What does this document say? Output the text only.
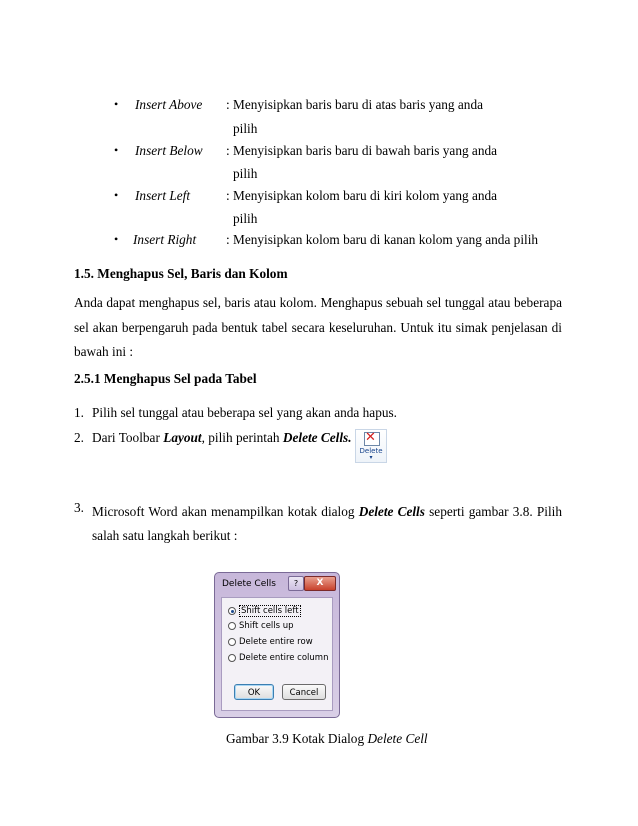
• Insert Above : Menyisipkan baris baru di atas baris yang anda
pilih
• Insert Below : Menyisipkan baris baru di bawah baris yang anda
pilih
• Insert Left	: Menyisipkan kolom baru di kiri kolom yang anda
pilih
• Insert Right : Menyisipkan kolom baru di kanan kolom yang anda pilih
1.5. Menghapus Sel, Baris dan Kolom
Anda dapat menghapus sel, baris atau kolom. Menghapus sebuah sel tunggal atau beberapa sel akan berpengaruh pada bentuk tabel secara keseluruhan. Untuk itu simak penjelasan di bawah ini :
2.5.1 Menghapus Sel pada Tabel
1. Pilih sel tunggal atau beberapa sel yang akan anda hapus.
2. Dari Toolbar Layout, pilih perintah Delete Cells. ✕
Delete
▾
3. Microsoft Word akan menampilkan kotak dialog Delete Cells seperti gambar 3.8. Pilih salah satu langkah berikut :
Delete Cells	?	X
Shift cells left
Shift cells up
Delete entire row
Delete entire column
OK	Cancel
Gambar 3.9 Kotak Dialog Delete Cell
